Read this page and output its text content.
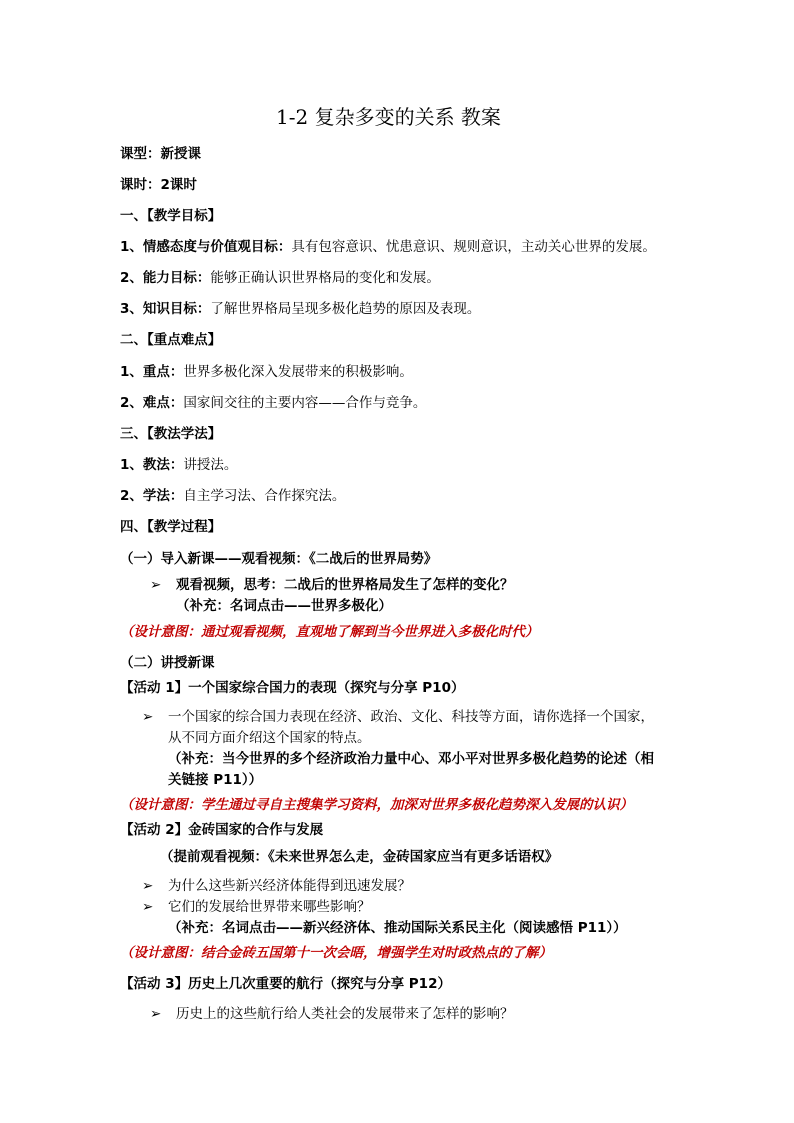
1-2 复杂多变的关系 教案
课型：新授课
课时：2课时
一、【教学目标】
1、情感态度与价值观目标：具有包容意识、忧患意识、规则意识，主动关心世界的发展。
2、能力目标：能够正确认识世界格局的变化和发展。
3、知识目标：了解世界格局呈现多极化趋势的原因及表现。
二、【重点难点】
1、重点：世界多极化深入发展带来的积极影响。
2、难点：国家间交往的主要内容——合作与竞争。
三、【教法学法】
1、教法：讲授法。
2、学法：自主学习法、合作探究法。
四、【教学过程】
（一）导入新课——观看视频：《二战后的世界局势》
➢ 观看视频，思考：二战后的世界格局发生了怎样的变化？
（补充：名词点击——世界多极化）
（设计意图：通过观看视频，直观地了解到当今世界进入多极化时代）
（二）讲授新课
【活动 1】一个国家综合国力的表现（探究与分享 P10）
➢ 一个国家的综合国力表现在经济、政治、文化、科技等方面，请你选择一个国家，
从不同方面介绍这个国家的特点。
（补充：当今世界的多个经济政治力量中心、邓小平对世界多极化趋势的论述（相
关链接 P11））
（设计意图：学生通过寻自主搜集学习资料，加深对世界多极化趋势深入发展的认识）
【活动 2】金砖国家的合作与发展
（提前观看视频：《未来世界怎么走，金砖国家应当有更多话语权》
➢ 为什么这些新兴经济体能得到迅速发展？
➢ 它们的发展给世界带来哪些影响？
（补充：名词点击——新兴经济体、推动国际关系民主化（阅读感悟 P11））
（设计意图：结合金砖五国第十一次会晤，增强学生对时政热点的了解）
【活动 3】历史上几次重要的航行（探究与分享 P12）
➢ 历史上的这些航行给人类社会的发展带来了怎样的影响？
